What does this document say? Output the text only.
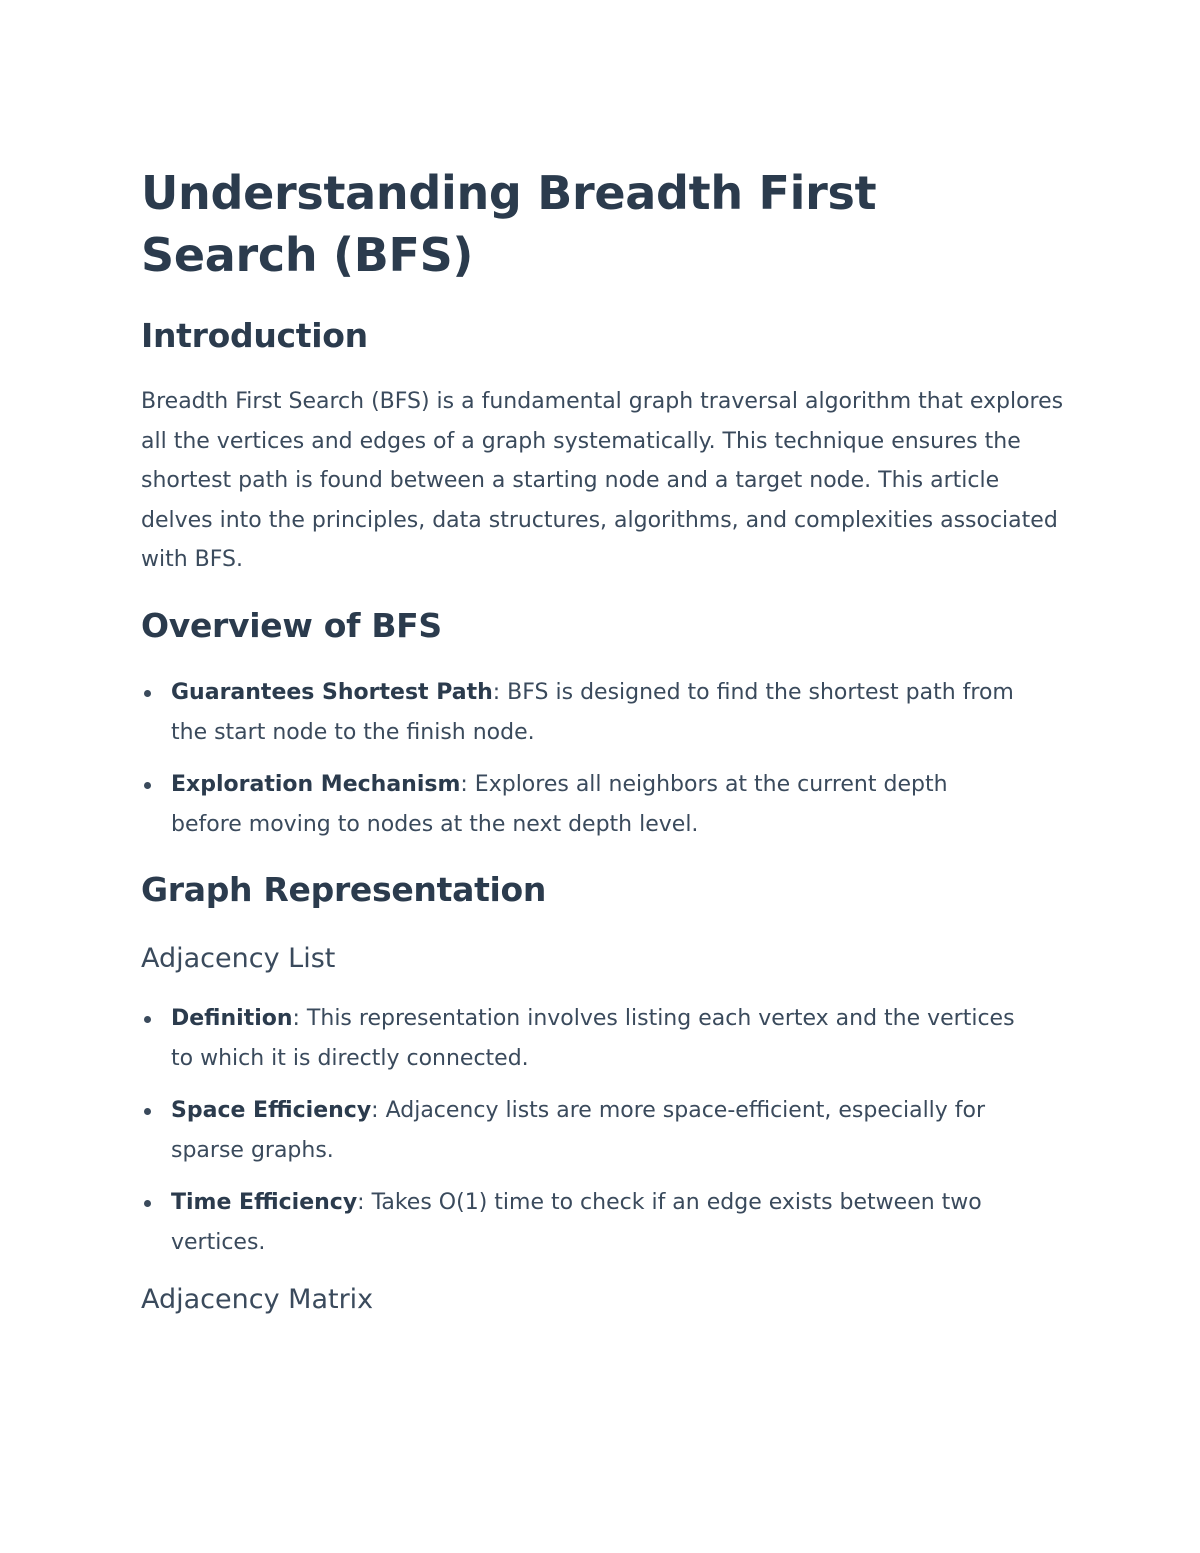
Understanding Breadth First Search (BFS)
Introduction

Breadth First Search (BFS) is a fundamental graph traversal algorithm that explores all the vertices and edges of a graph systematically. This technique ensures the shortest path is found between a starting node and a target node. This article delves into the principles, data structures, algorithms, and complexities associated with BFS.

Overview of BFS
Guarantees Shortest Path: BFS is designed to find the shortest path from the start node to the finish node.
Exploration Mechanism: Explores all neighbors at the current depth before moving to nodes at the next depth level.
Graph Representation
Adjacency List
Definition: This representation involves listing each vertex and the vertices to which it is directly connected.
Space Efficiency: Adjacency lists are more space-efficient, especially for sparse graphs.
Time Efficiency: Takes O(1) time to check if an edge exists between two vertices.
Adjacency Matrix
